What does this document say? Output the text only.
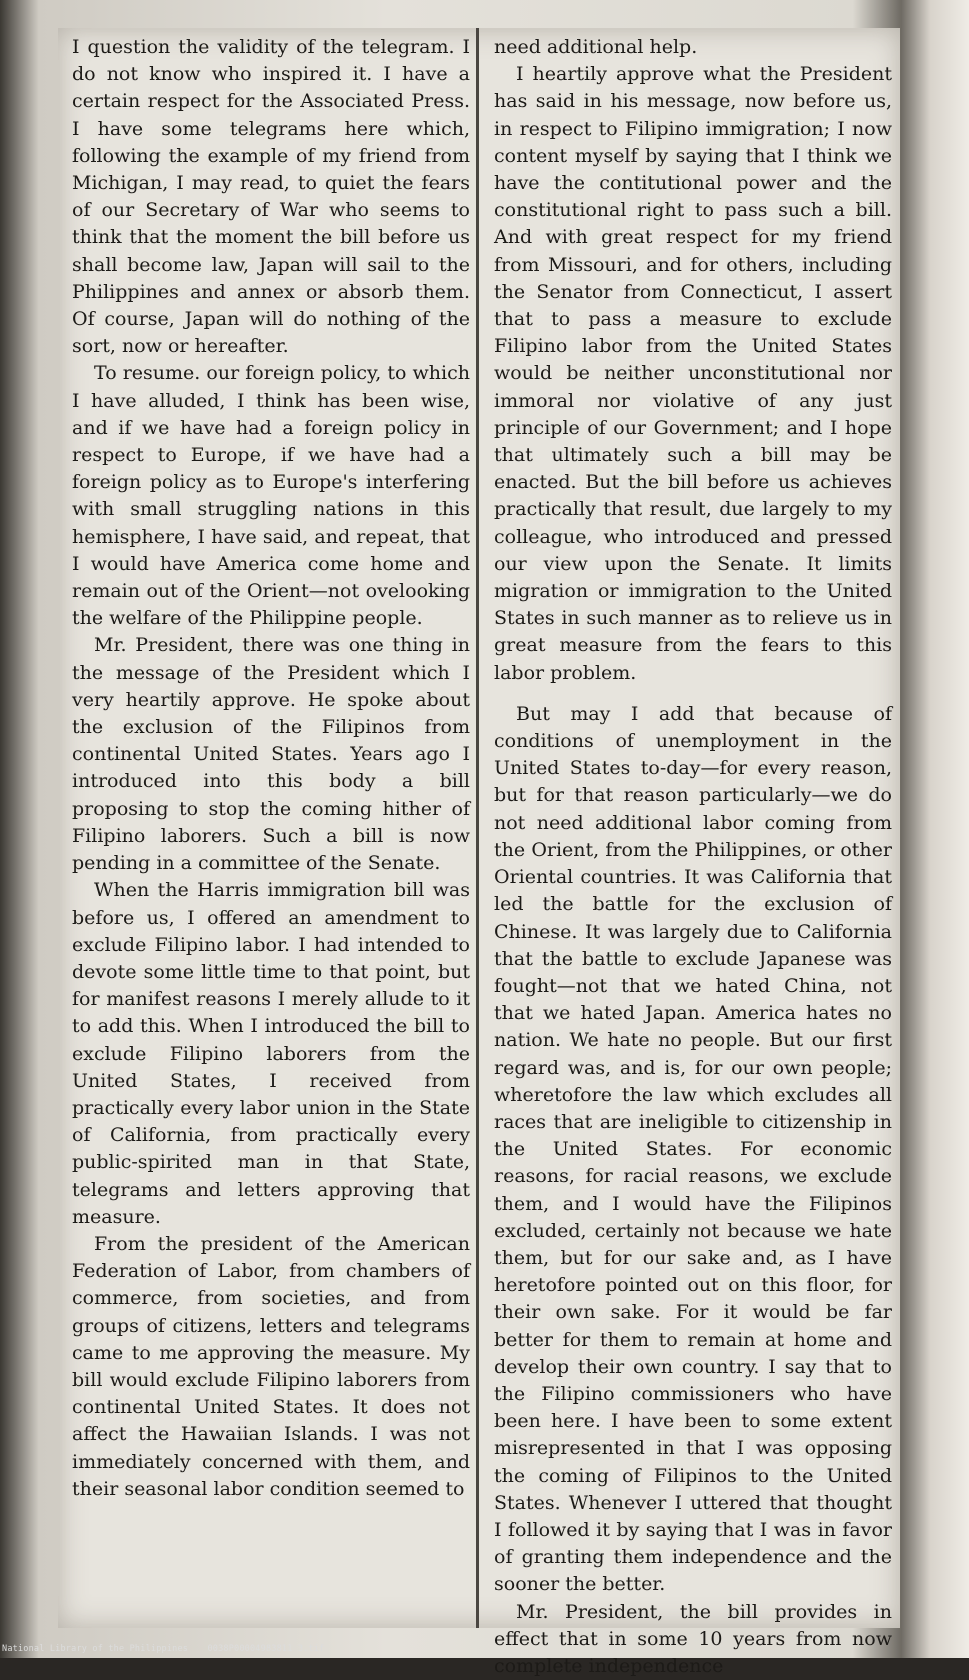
I question the validity of the telegram. I do not know who inspired it. I have a certain respect for the Associated Press. I have some telegrams here which, following the example of my friend from Michigan, I may read, to quiet the fears of our Secretary of War who seems to think that the moment the bill before us shall become law, Japan will sail to the Philippines and annex or absorb them. Of course, Japan will do nothing of the sort, now or hereafter.

To resume. our foreign policy, to which I have alluded, I think has been wise, and if we have had a foreign policy in respect to Europe, if we have had a foreign policy as to Europe's interfering with small struggling nations in this hemisphere, I have said, and repeat, that I would have America come home and remain out of the Orient—not ovelooking the welfare of the Philippine people.

Mr. President, there was one thing in the message of the President which I very heartily approve. He spoke about the exclusion of the Filipinos from continental United States. Years ago I introduced into this body a bill proposing to stop the coming hither of Filipino laborers. Such a bill is now pending in a committee of the Senate.

When the Harris immigration bill was before us, I offered an amendment to exclude Filipino labor. I had intended to devote some little time to that point, but for manifest reasons I merely allude to it to add this. When I introduced the bill to exclude Filipino laborers from the United States, I received from practically every labor union in the State of California, from practically every public-spirited man in that State, telegrams and letters approving that measure.

From the president of the American Federation of Labor, from chambers of commerce, from societies, and from groups of citizens, letters and telegrams came to me approving the measure. My bill would exclude Filipino laborers from continental United States. It does not affect the Hawaiian Islands. I was not immediately concerned with them, and their seasonal labor condition seemed to

need additional help.

I heartily approve what the President has said in his message, now before us, in respect to Filipino immigration; I now content myself by saying that I think we have the contitutional power and the constitutional right to pass such a bill. And with great respect for my friend from Missouri, and for others, including the Senator from Connecticut, I assert that to pass a measure to exclude Filipino labor from the United States would be neither unconstitutional nor immoral nor violative of any just principle of our Government; and I hope that ultimately such a bill may be enacted. But the bill before us achieves practically that result, due largely to my colleague, who introduced and pressed our view upon the Senate. It limits migration or immigration to the United States in such manner as to relieve us in great measure from the fears to this labor problem.

But may I add that because of conditions of unemployment in the United States to-day—for every reason, but for that reason particularly—we do not need additional labor coming from the Orient, from the Philippines, or other Oriental countries. It was California that led the battle for the exclusion of Chinese. It was largely due to California that the battle to exclude Japanese was fought—not that we hated China, not that we hated Japan. America hates no nation. We hate no people. But our first regard was, and is, for our own people; wheretofore the law which excludes all races that are ineligible to citizenship in the United States. For economic reasons, for racial reasons, we exclude them, and I would have the Filipinos excluded, certainly not because we hate them, but for our sake and, as I have heretofore pointed out on this floor, for their own sake. For it would be far better for them to remain at home and develop their own country. I say that to the Filipino commissioners who have been here. I have been to some extent misrepresented in that I was opposing the coming of Filipinos to the United States. Whenever I uttered that thought I followed it by saying that I was in favor of granting them independence and the sooner the better.

Mr. President, the bill provides in effect that in some 10 years from now complete independence

National Library of the Philippines 0038P00004983811 3.tif
